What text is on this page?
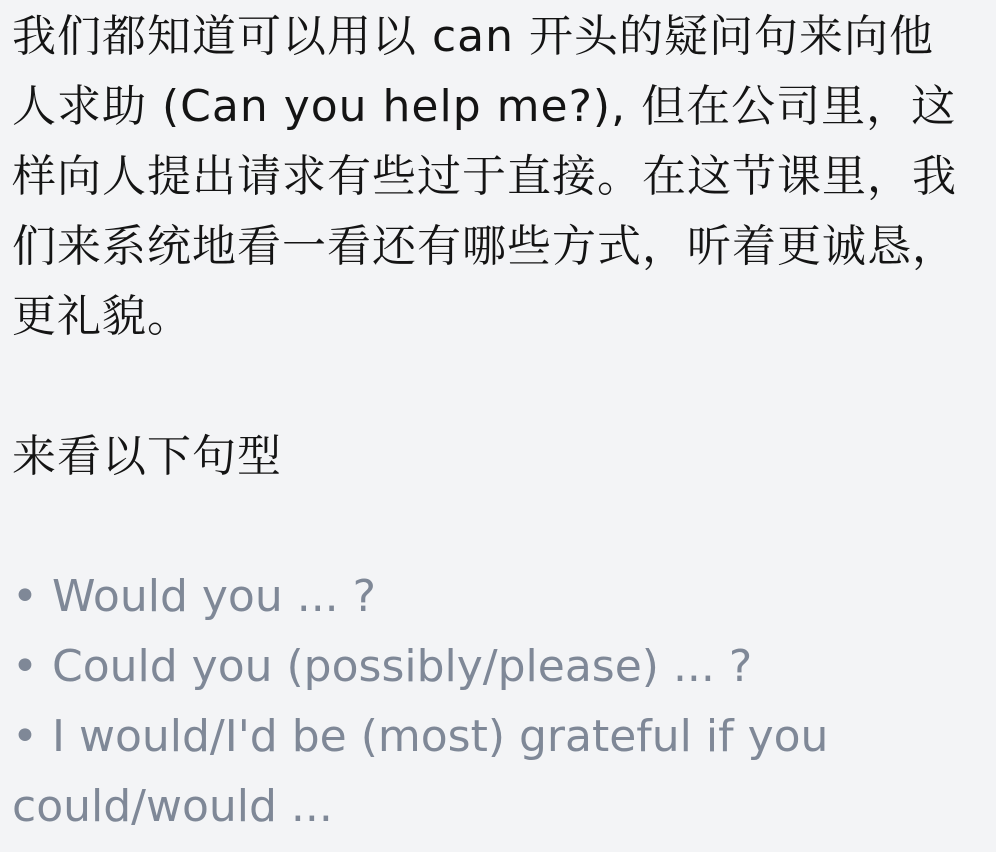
我们都知道可以用以 can 开头的疑问句来向他人求助 (Can you help me?), 但在公司里，这样向人提出请求有些过于直接。在这节课里，我们来系统地看一看还有哪些方式，听着更诚恳，更礼貌。

来看以下句型
• Would you ... ?
• Could you (possibly/please) ... ?
• I would/I'd be (most) grateful if you could/would ...
